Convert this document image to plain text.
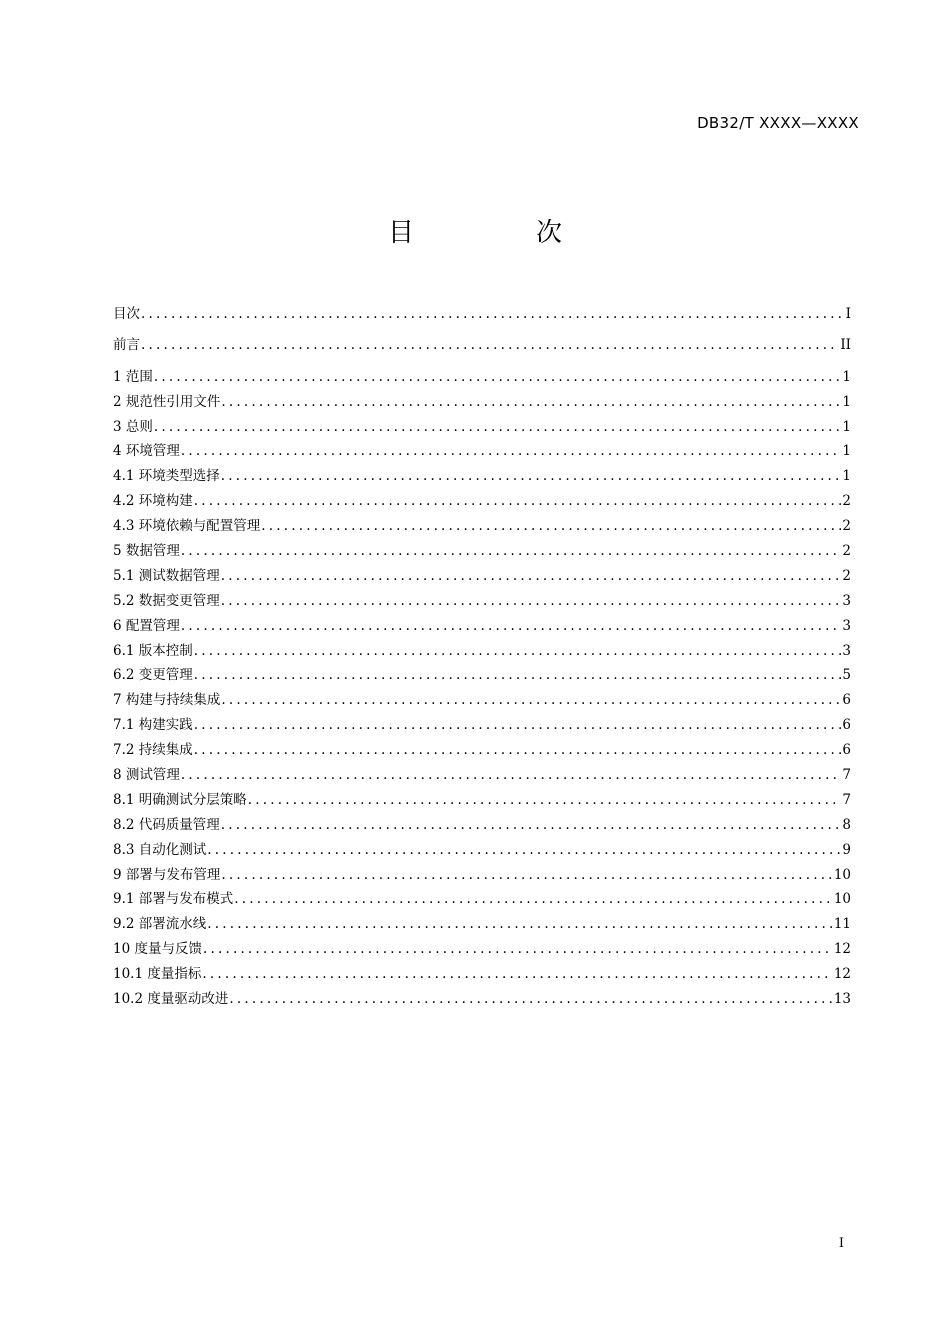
DB32/T XXXX—XXXX
目　次
目次 .....	I
前言 .....	II
1 范围 .....	1
2 规范性引用文件 .....	1
3 总则 .....	1
4 环境管理 .....	1
4.1 环境类型选择 .....	1
4.2 环境构建 .....	2
4.3 环境依赖与配置管理 .....	2
5 数据管理 .....	2
5.1 测试数据管理 .....	2
5.2 数据变更管理 .....	3
6 配置管理 .....	3
6.1 版本控制 .....	3
6.2 变更管理 .....	5
7 构建与持续集成 .....	6
7.1 构建实践 .....	6
7.2 持续集成 .....	6
8 测试管理 .....	7
8.1 明确测试分层策略 .....	7
8.2 代码质量管理 .....	8
8.3 自动化测试 .....	9
9 部署与发布管理 .....	10
9.1 部署与发布模式 .....	10
9.2 部署流水线 .....	11
10 度量与反馈 .....	12
10.1 度量指标 .....	12
10.2 度量驱动改进 .....	13
I
